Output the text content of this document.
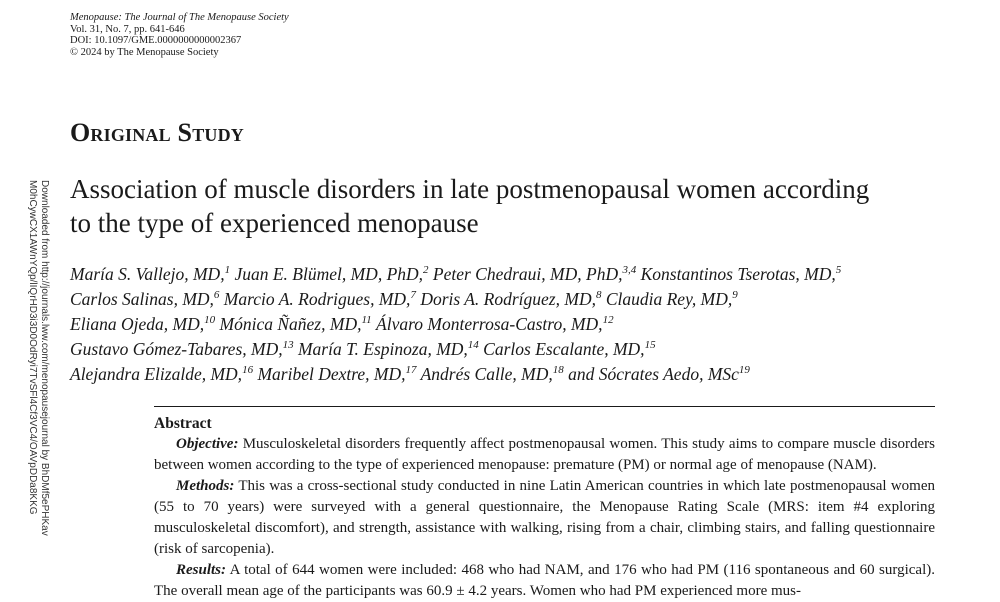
Menopause: The Journal of The Menopause Society
Vol. 31, No. 7, pp. 641-646
DOI: 10.1097/GME.0000000000002367
© 2024 by The Menopause Society
Downloaded from http://journals.lww.com/menopausejournal by BhDMf5ePHKav
M0hCywCX1AWnYQp/lIQrHD3i3D0OdRyi7TvSFl4Cf3VC4/OAVpDDa8KKG
Original Study
Association of muscle disorders in late postmenopausal women according to the type of experienced menopause
María S. Vallejo, MD,$^1$ Juan E. Blümel, MD, PhD,$^2$ Peter Chedraui, MD, PhD,$^{3,4}$ Konstantinos Tserotas, MD,$^5$
Carlos Salinas, MD,$^6$ Marcio A. Rodrigues, MD,$^7$ Doris A. Rodríguez, MD,$^8$ Claudia Rey, MD,$^9$
Eliana Ojeda, MD,$^{10}$ Mónica Ñañez, MD,$^{11}$ Álvaro Monterrosa-Castro, MD,$^{12}$
Gustavo Gómez-Tabares, MD,$^{13}$ María T. Espinoza, MD,$^{14}$ Carlos Escalante, MD,$^{15}$
Alejandra Elizalde, MD,$^{16}$ Maribel Dextre, MD,$^{17}$ Andrés Calle, MD,$^{18}$ and Sócrates Aedo, MSc$^{19}$
Abstract

Objective: Musculoskeletal disorders frequently affect postmenopausal women. This study aims to compare muscle disorders between women according to the type of experienced menopause: premature (PM) or normal age of menopause (NAM).

Methods: This was a cross-sectional study conducted in nine Latin American countries in which late postmenopausal women (55 to 70 years) were surveyed with a general questionnaire, the Menopause Rating Scale (MRS: item #4 exploring musculoskeletal discomfort), and strength, assistance with walking, rising from a chair, climbing stairs, and falling questionnaire (risk of sarcopenia).

Results: A total of 644 women were included: 468 who had NAM, and 176 who had PM (116 spontaneous and 60 surgical). The overall mean age of the participants was 60.9 ± 4.2 years. Women who had PM experienced more mus-
